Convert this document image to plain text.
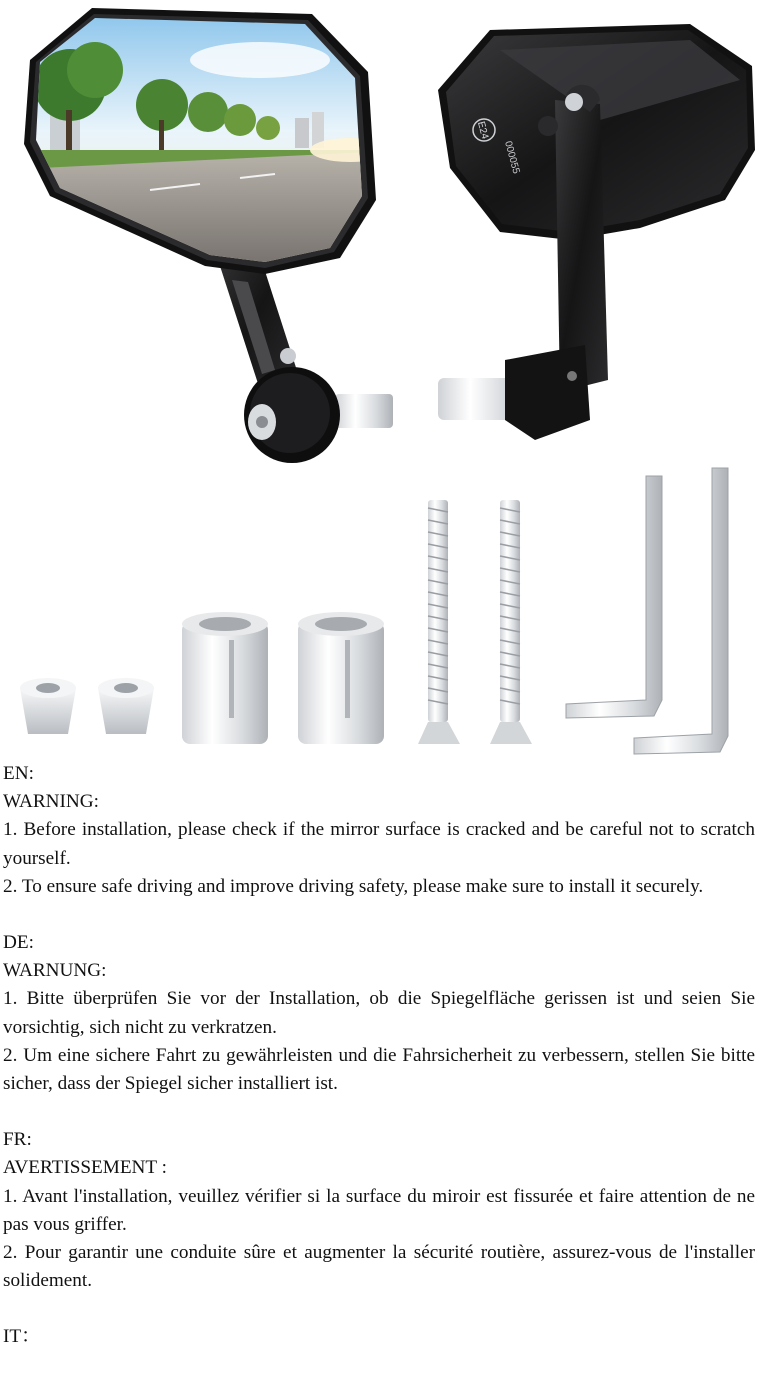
E24
000055
EN:
WARNING:
1. Before installation, please check if the mirror surface is cracked and be careful not to scratch yourself.
2. To ensure safe driving and improve driving safety, please make sure to install it securely.
DE:
WARNUNG:
1. Bitte überprüfen Sie vor der Installation, ob die Spiegelfläche gerissen ist und seien Sie vorsichtig, sich nicht zu verkratzen.
2. Um eine sichere Fahrt zu gewährleisten und die Fahrsicherheit zu verbessern, stellen Sie bitte sicher, dass der Spiegel sicher installiert ist.
FR:
AVERTISSEMENT :
1. Avant l'installation, veuillez vérifier si la surface du miroir est fissurée et faire attention de ne pas vous griffer.
2. Pour garantir une conduite sûre et augmenter la sécurité routière, assurez-vous de l'installer solidement.
IT：
